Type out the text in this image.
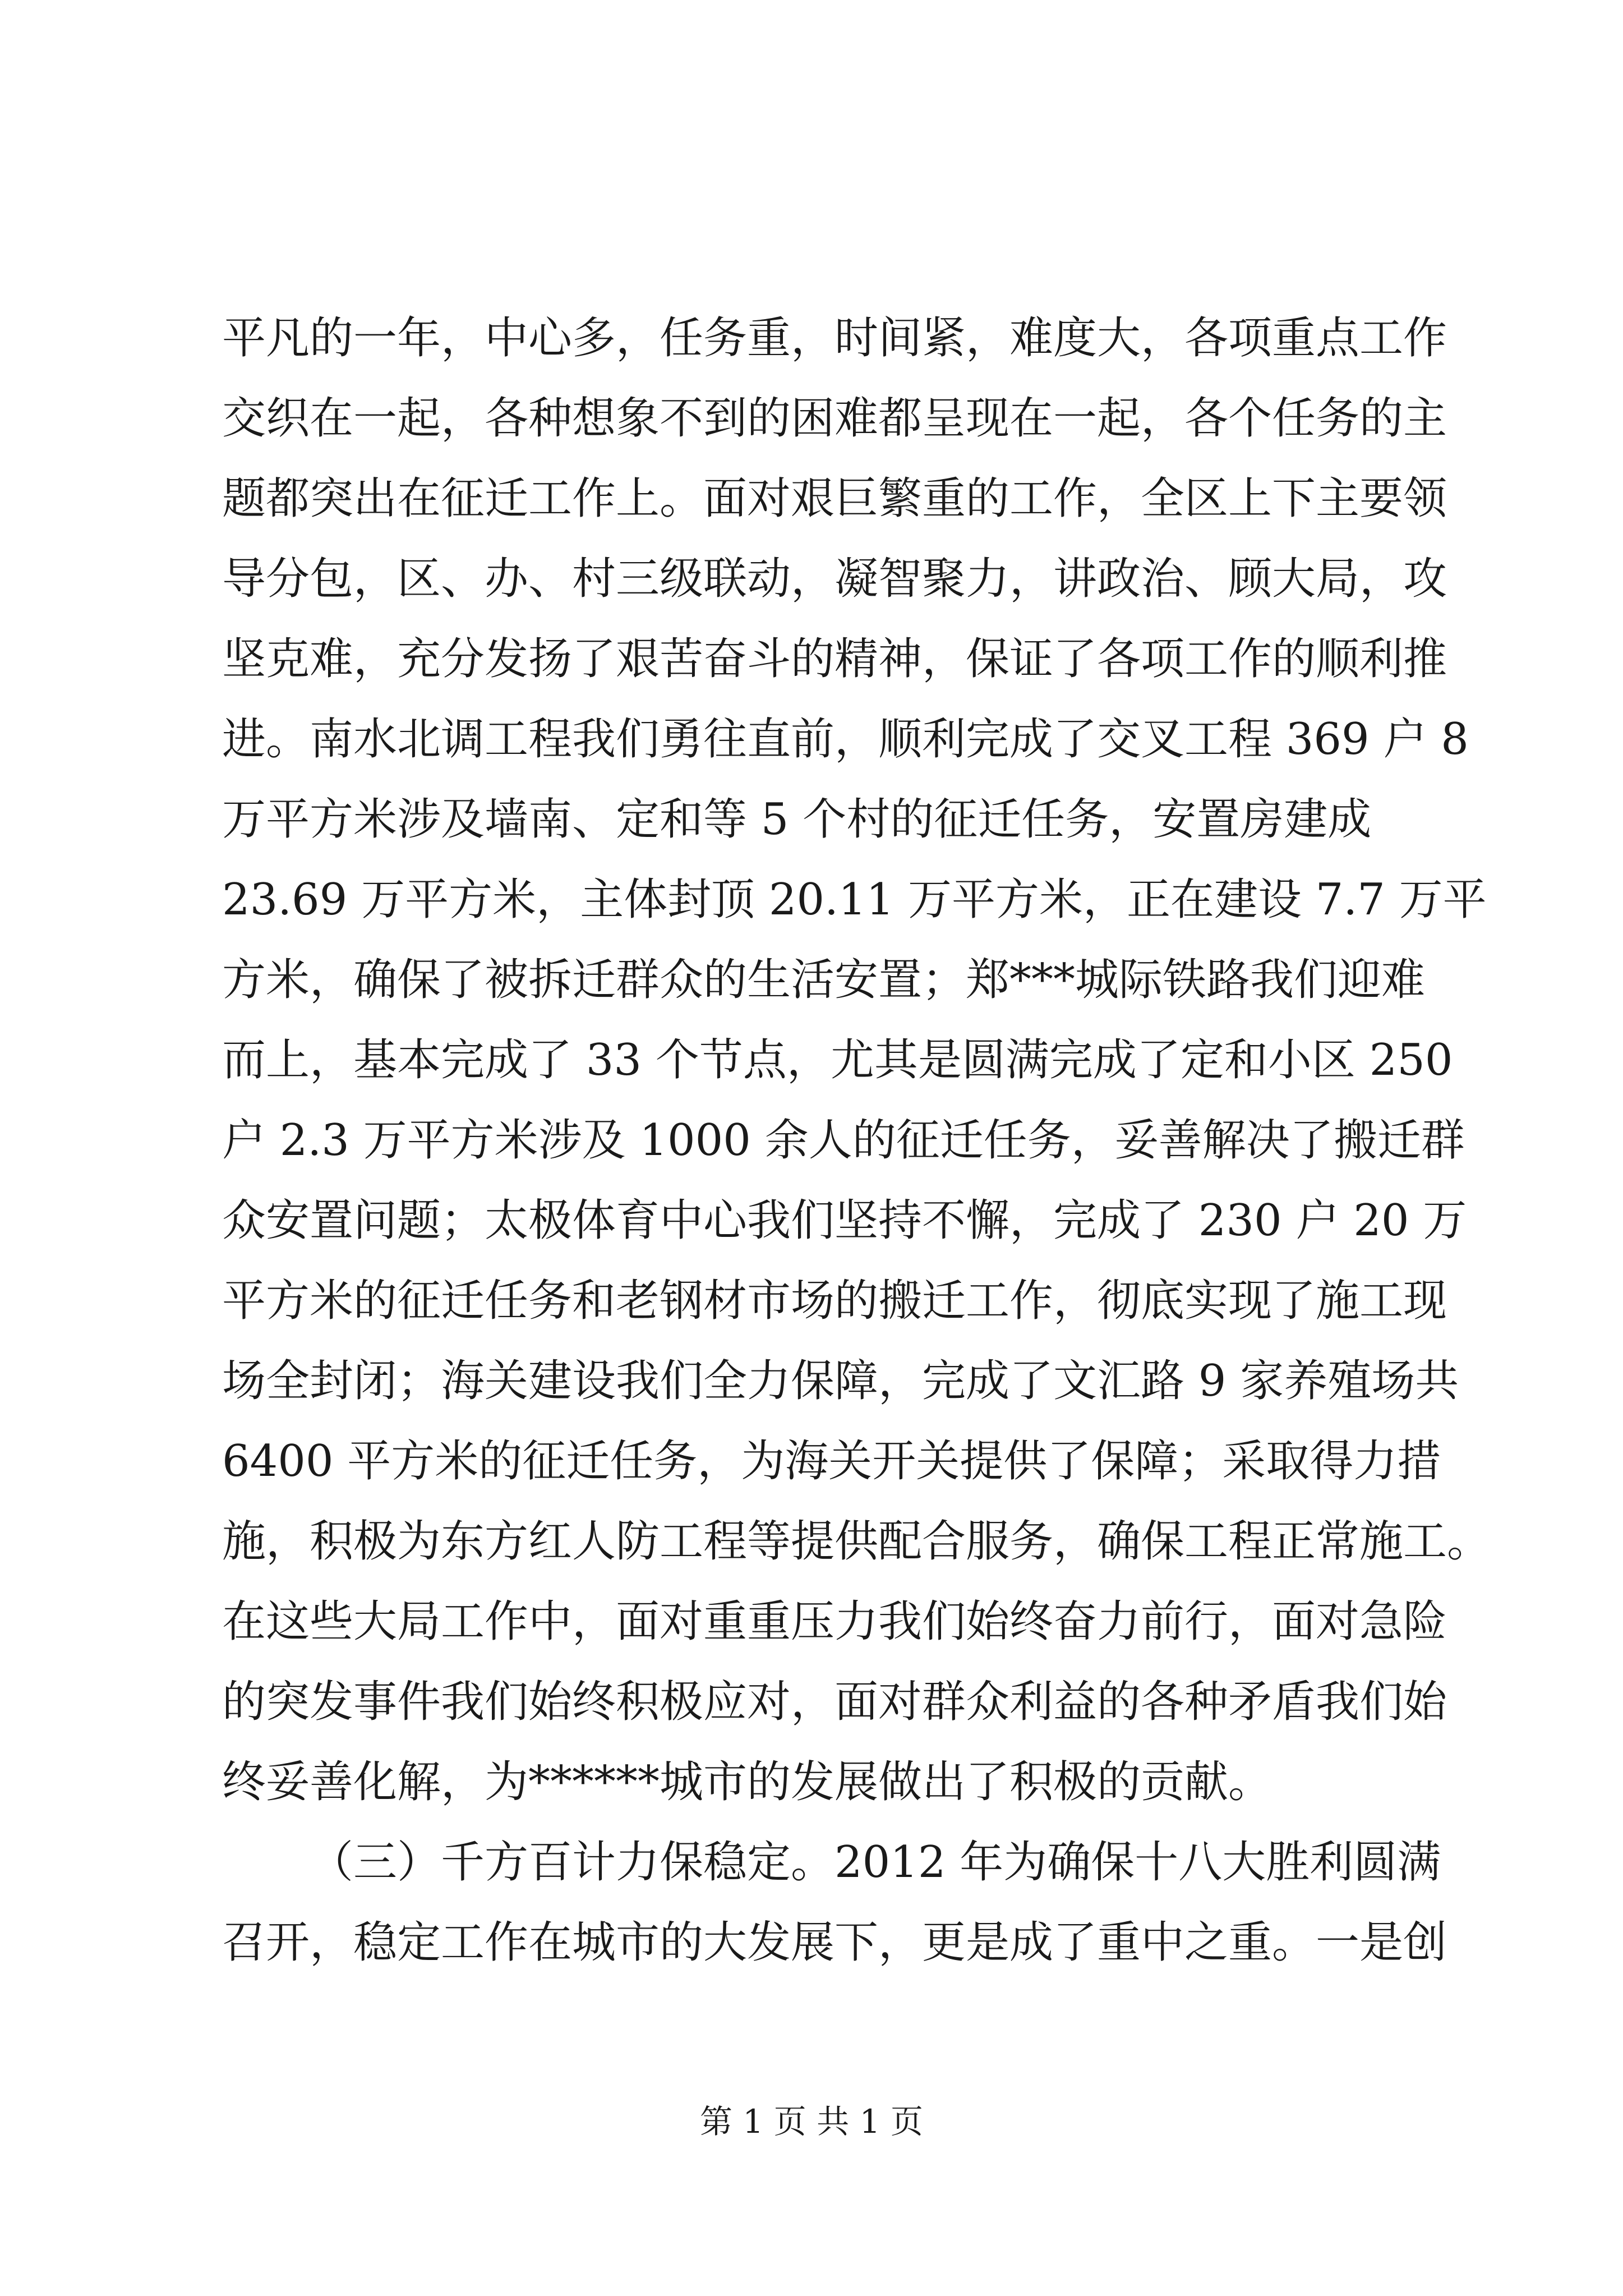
平凡的一年，中心多，任务重，时间紧，难度大，各项重点工作
交织在一起，各种想象不到的困难都呈现在一起，各个任务的主
题都突出在征迁工作上。面对艰巨繁重的工作，全区上下主要领
导分包，区、办、村三级联动，凝智聚力，讲政治、顾大局，攻
坚克难，充分发扬了艰苦奋斗的精神，保证了各项工作的顺利推
进。南水北调工程我们勇往直前，顺利完成了交叉工程 369 户 8
万平方米涉及墙南、定和等 5 个村的征迁任务，安置房建成
23.69 万平方米，主体封顶 20.11 万平方米，正在建设 7.7 万平
方米，确保了被拆迁群众的生活安置；郑***城际铁路我们迎难
而上，基本完成了 33 个节点，尤其是圆满完成了定和小区 250
户 2.3 万平方米涉及 1000 余人的征迁任务，妥善解决了搬迁群
众安置问题；太极体育中心我们坚持不懈，完成了 230 户 20 万
平方米的征迁任务和老钢材市场的搬迁工作，彻底实现了施工现
场全封闭；海关建设我们全力保障，完成了文汇路 9 家养殖场共
6400 平方米的征迁任务，为海关开关提供了保障；采取得力措
施，积极为东方红人防工程等提供配合服务，确保工程正常施工。
在这些大局工作中，面对重重压力我们始终奋力前行，面对急险
的突发事件我们始终积极应对，面对群众利益的各种矛盾我们始
终妥善化解，为******城市的发展做出了积极的贡献。
（三）千方百计力保稳定。2012 年为确保十八大胜利圆满
召开，稳定工作在城市的大发展下，更是成了重中之重。一是创
第 1 页 共 1 页
